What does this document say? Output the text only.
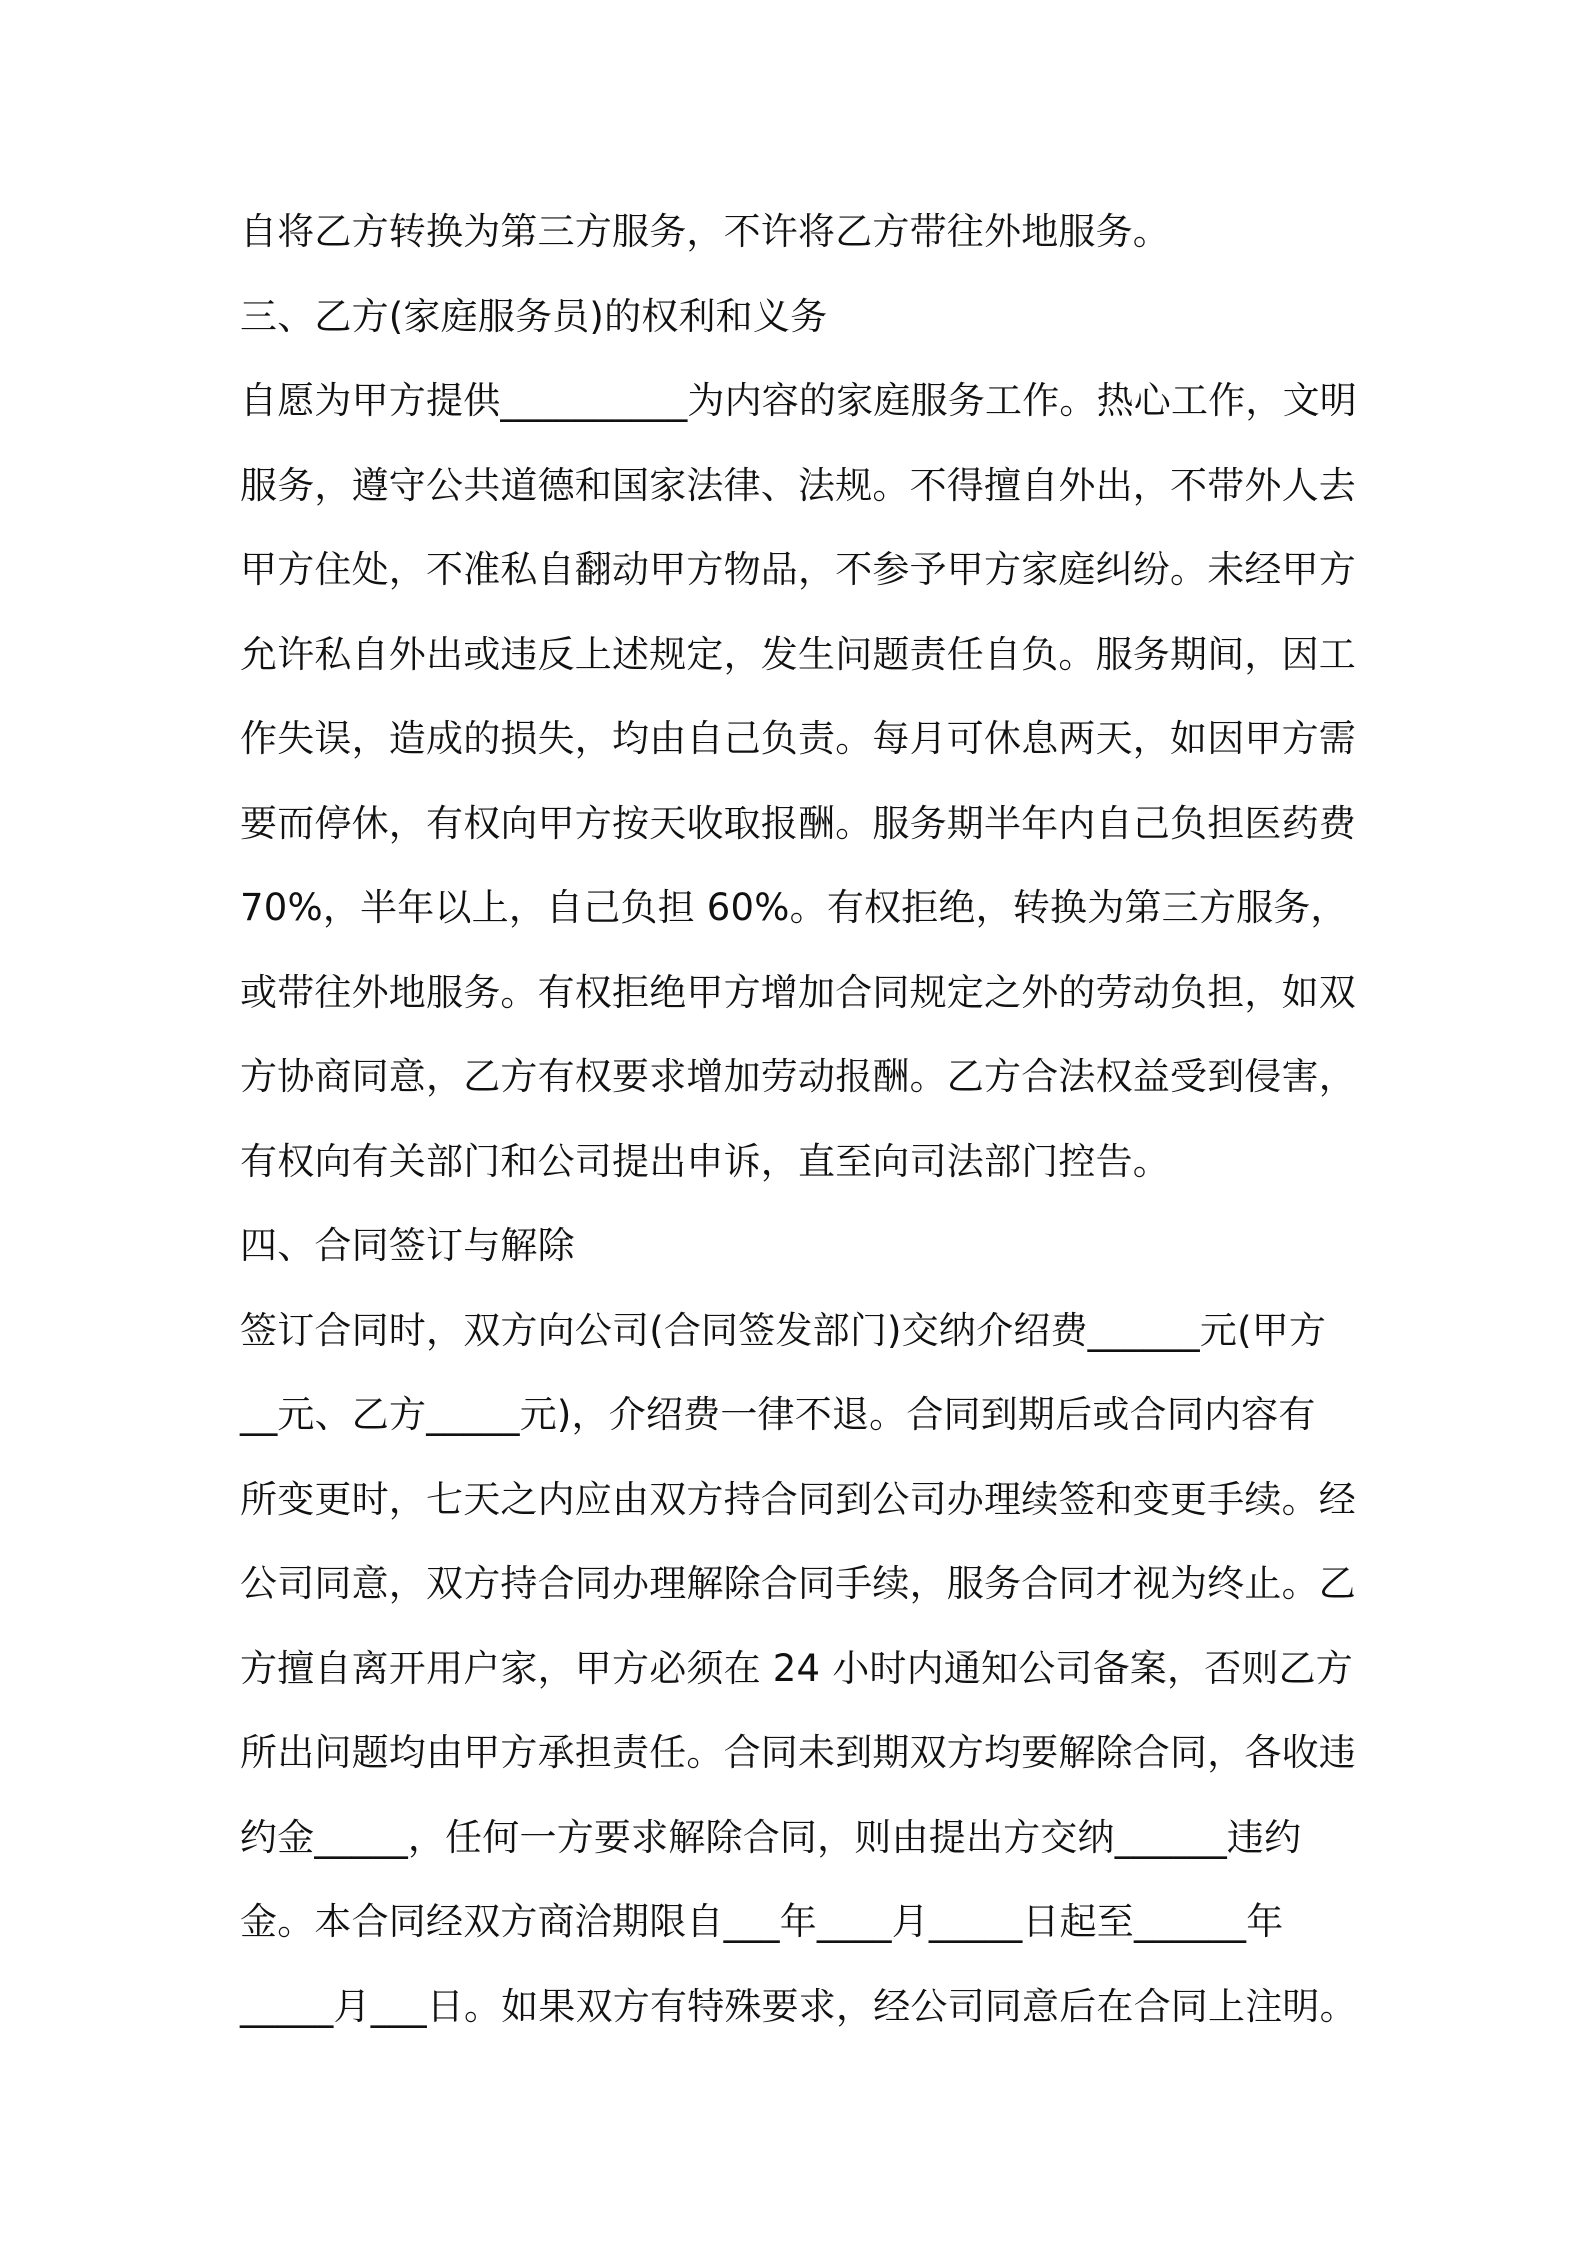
自将乙方转换为第三方服务，不许将乙方带往外地服务。
三、乙方(家庭服务员)的权利和义务
自愿为甲方提供__________为内容的家庭服务工作。热心工作，文明
服务，遵守公共道德和国家法律、法规。不得擅自外出，不带外人去
甲方住处，不准私自翻动甲方物品，不参予甲方家庭纠纷。未经甲方
允许私自外出或违反上述规定，发生问题责任自负。服务期间，因工
作失误，造成的损失，均由自己负责。每月可休息两天，如因甲方需
要而停休，有权向甲方按天收取报酬。服务期半年内自己负担医药费
70%，半年以上，自己负担 60%。有权拒绝，转换为第三方服务，
或带往外地服务。有权拒绝甲方增加合同规定之外的劳动负担，如双
方协商同意，乙方有权要求增加劳动报酬。乙方合法权益受到侵害，
有权向有关部门和公司提出申诉，直至向司法部门控告。
四、合同签订与解除
签订合同时，双方向公司(合同签发部门)交纳介绍费______元(甲方
__元、乙方_____元)，介绍费一律不退。合同到期后或合同内容有
所变更时，七天之内应由双方持合同到公司办理续签和变更手续。经
公司同意，双方持合同办理解除合同手续，服务合同才视为终止。乙
方擅自离开用户家，甲方必须在 24 小时内通知公司备案，否则乙方
所出问题均由甲方承担责任。合同未到期双方均要解除合同，各收违
约金_____，任何一方要求解除合同，则由提出方交纳______违约
金。本合同经双方商洽期限自___年____月_____日起至______年
_____月___日。如果双方有特殊要求，经公司同意后在合同上注明。
